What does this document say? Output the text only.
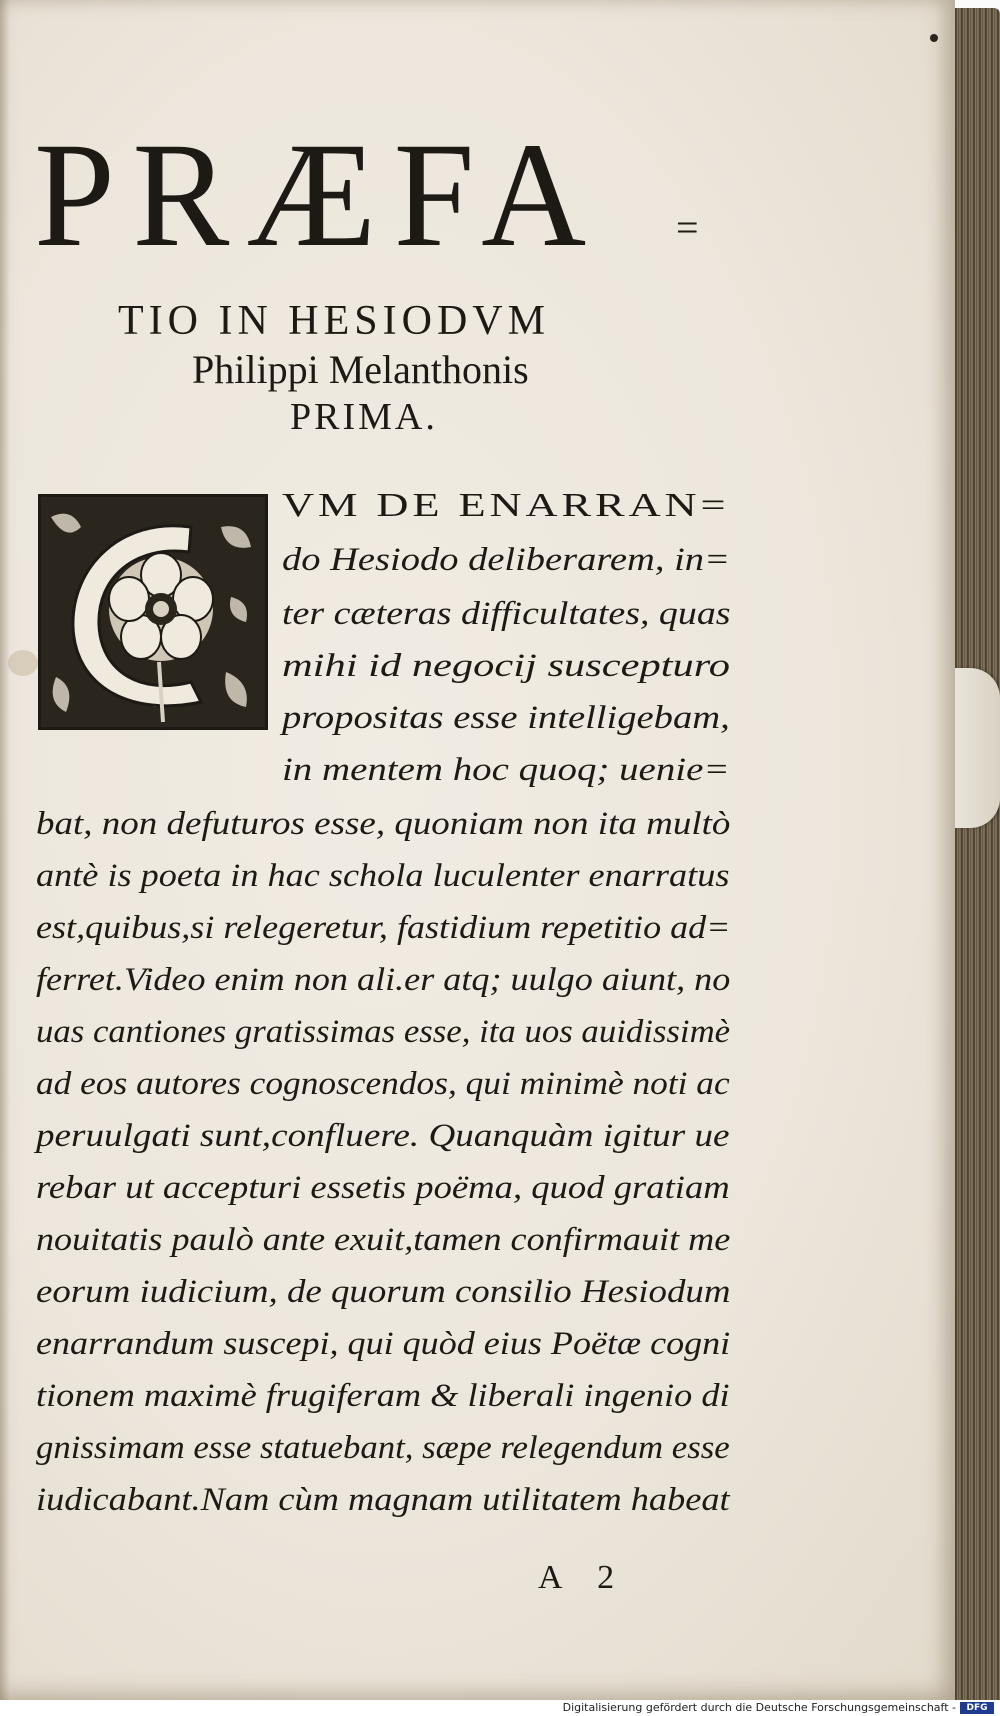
PRÆFA	=
TIO IN HESIODVM
Philippi Melanthonis
PRIMA.
VM DE ENARRAN=
do Hesiodo deliberarem, in=
ter cæteras difficultates, quas
mihi id negocij suscepturo
propositas esse intelligebam,
in mentem hoc quoq; uenie=
bat, non defuturos esse, quoniam non ita multò
antè is poeta in hac schola luculenter enarratus
est,quibus,si relegeretur, fastidium repetitio ad=
ferret.Video enim non ali.er atq; uulgo aiunt, no
uas cantiones gratissimas esse, ita uos auidissimè
ad eos autores cognoscendos, qui minimè noti ac
peruulgati sunt,confluere. Quanquàm igitur ue
rebar ut accepturi essetis poëma, quod gratiam
nouitatis paulò ante exuit,tamen confirmauit me
eorum iudicium, de quorum consilio Hesiodum
enarrandum suscepi, qui quòd eius Poëtæ cogni
tionem maximè frugiferam & liberali ingenio di
gnissimam esse statuebant, sæpe relegendum esse
iudicabant.Nam cùm magnam utilitatem habeat
A 2
Digitalisierung gefördert durch die Deutsche Forschungsgemeinschaft -	DFG
